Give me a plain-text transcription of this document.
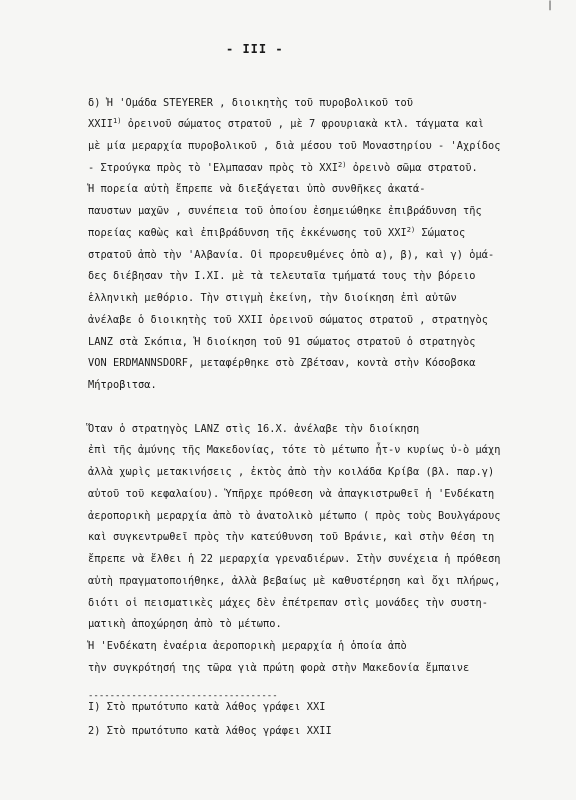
|
- III -
δ) Ἡ 'Ομάδα STEYERER , διοικητὴς τοῦ πυροβολικοῦ τοῦ
XXII$^{1)}$ ὀρεινοῦ σώματος στρατοῦ , μὲ 7 φρουριακὰ κτλ. τάγματα καὶ
μὲ μία μεραρχία πυροβολικοῦ , διὰ μέσου τοῦ Μοναστηρίου - 'Αχρίδος
- Στρούγκα πρὸς τὸ 'Ελμπασαν πρὸς τὸ XXI$^{2)}$ ὀρεινὸ σῶμα στρατοῦ.
Ἡ πορεία αὐτὴ ἔπρεπε νὰ διεξάγεται ὑπὸ συνθῆκες ἀκατά-
παυστων μαχῶν , συνέπεια τοῦ ὁποίου ἐσημειώθηκε ἐπιβράδυνση τῆς
πορείας καθὼς καὶ ἐπιβράδυνση τῆς ἐκκένωσης τοῦ XXI$^{2)}$ Σώματος
στρατοῦ ἀπὸ τὴν 'Αλβανία. Οἱ προρευθμένες ὁπὸ α), β), καὶ γ) ὁμά-
δες διέβησαν τὴν I.XI. μὲ τὰ τελευταῖα τμήματά τους τὴν βόρειο
ἑλληνικὴ μεθόριο. Τὴν στιγμὴ ἐκείνη, τὴν διοίκηση ἐπὶ αὐτῶν
ἀνέλαβε ὁ διοικητὴς τοῦ XXII ὀρεινοῦ σώματος στρατοῦ , στρατηγὸς
LANZ στὰ Σκόπια, Ἡ διοίκηση τοῦ 91 σώματος στρατοῦ ὁ στρατηγὸς
VON ERDMANNSDORF, μεταφέρθηκε στὸ Ζβέτσαν, κοντὰ στὴν Κόσοβσκα
Μήτροβιτσα.
Ὅταν ὁ στρατηγὸς LANZ στὶς 16.X. ἀνέλαβε τὴν διοίκηση
ἐπὶ τῆς ἀμύνης τῆς Μακεδονίας, τότε τὸ μέτωπο ἦτ-ν κυρίως ὑ-ὸ μάχη
ἀλλὰ χωρὶς μετακινήσεις , ἐκτὸς ἀπὸ τὴν κοιλάδα Κρίβα (βλ. παρ.γ)
αὐτοῦ τοῦ κεφαλαίου). Ὑπῆρχε πρόθεση νὰ ἀπαγκιστρωθεῖ ἡ 'Ενδέκατη
ἀεροπορικὴ μεραρχία ἀπὸ τὸ ἀνατολικὸ μέτωπο ( πρὸς τοὺς Βουλγάρους
καὶ συγκεντρωθεῖ πρὸς τὴν κατεύθυνση τοῦ Βράνιε, καὶ στὴν θέση τη
ἔπρεπε νὰ ἔλθει ἡ 22 μεραρχία γρεναδιέρων. Στὴν συνέχεια ἡ πρόθεση
αὐτὴ πραγματοποιήθηκε, ἀλλὰ βεβαίως μὲ καθυστέρηση καὶ ὄχι πλήρως,
διότι οἱ πεισματικὲς μάχες δὲν ἐπέτρεπαν στὶς μονάδες τὴν συστη-
ματικὴ ἀποχώρηση ἀπὸ τὸ μέτωπο.
Ἡ 'Ενδέκατη ἐναέρια ἀεροπορικὴ μεραρχία ἡ ὁποία ἀπὸ
τὴν συγκρότησή της τῶρα γιὰ πρώτη φορὰ στὴν Μακεδονία ἔμπαινε
-----------------------------------
I) Στὸ πρωτότυπο κατὰ λάθος γράφει XXI
2) Στὸ πρωτότυπο κατὰ λάθος γράφει XXII
